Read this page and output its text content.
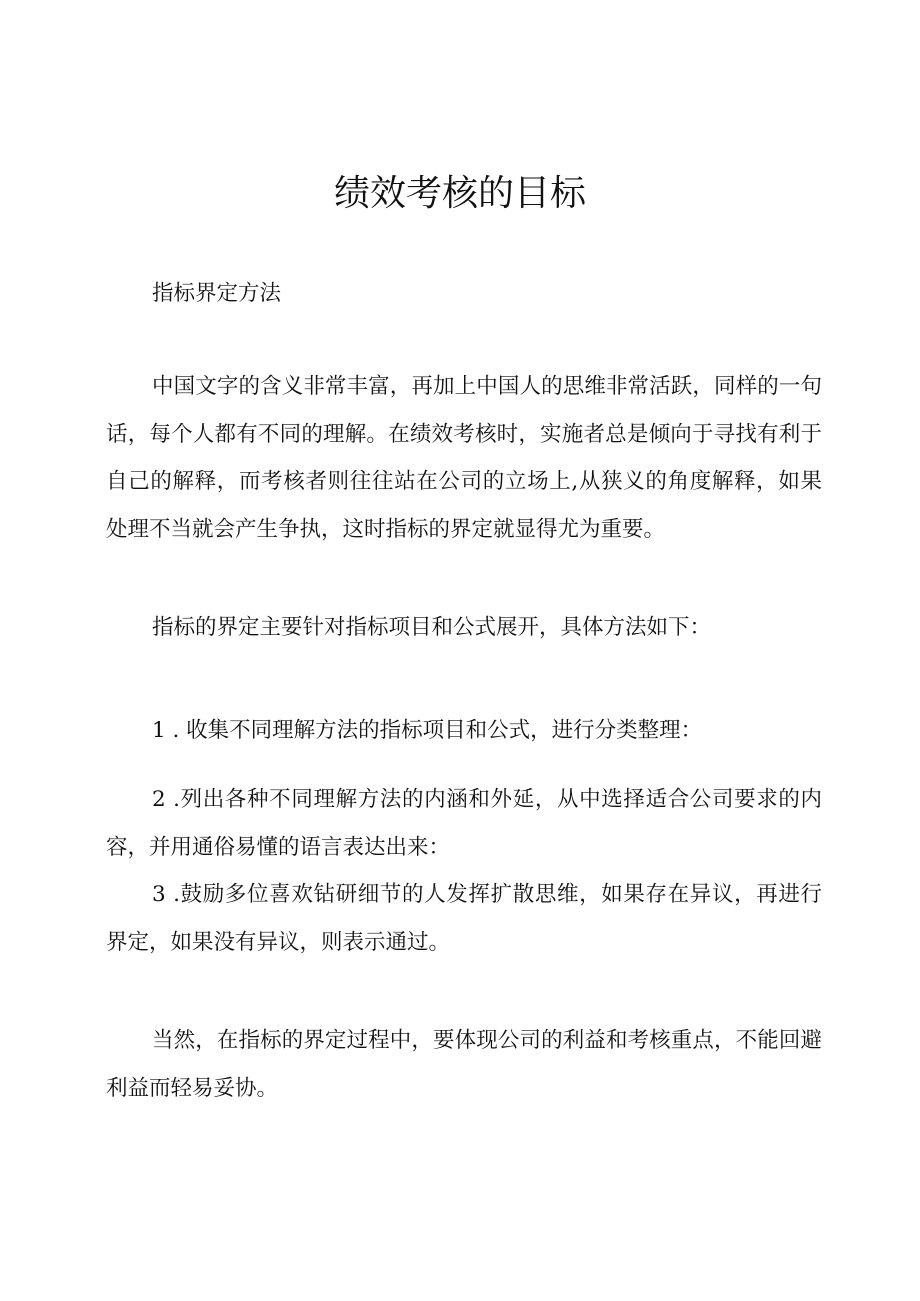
绩效考核的目标

指标界定方法

中国文字的含义非常丰富，再加上中国人的思维非常活跃，同样的一句话，每个人都有不同的理解。在绩效考核时，实施者总是倾向于寻找有利于自己的解释，而考核者则往往站在公司的立场上,从狭义的角度解释，如果处理不当就会产生争执，这时指标的界定就显得尤为重要。

指标的界定主要针对指标项目和公式展开，具体方法如下：

1 . 收集不同理解方法的指标项目和公式，进行分类整理：

2 .列出各种不同理解方法的内涵和外延，从中选择适合公司要求的内容，并用通俗易懂的语言表达出来：

3 .鼓励多位喜欢钻研细节的人发挥扩散思维，如果存在异议，再进行界定，如果没有异议，则表示通过。

当然，在指标的界定过程中，要体现公司的利益和考核重点，不能回避利益而轻易妥协。
